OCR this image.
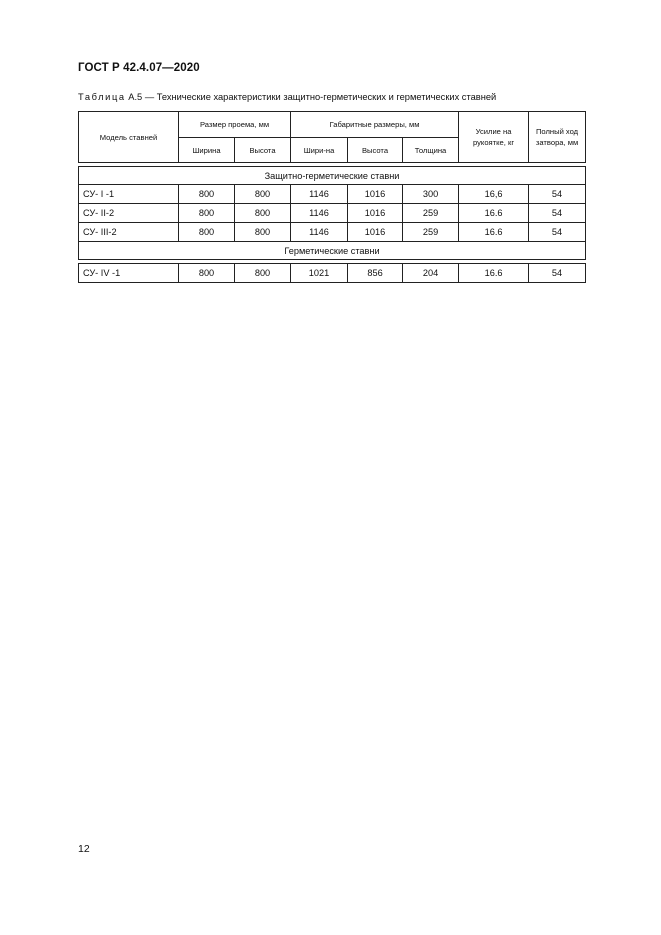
ГОСТ Р 42.4.07—2020
Таблица А.5 — Технические характеристики защитно-герметических и герметических ставней
Модель ставней	Размер проема, мм		Габаритные размеры, мм			Усилие на рукоятке, кг	Полный ход затвора, мм
	Ширина	Высота	Шири-на	Высота	Толщина		

Защитно-герметические ставни							
СУ- I -1	800	800	1146	1016	300	16,6	54
СУ- II-2	800	800	1146	1016	259	16.6	54
СУ- III-2	800	800	1146	1016	259	16.6	54
Герметические ставни							

СУ- IV -1	800	800	1021	856	204	16.6	54
12
